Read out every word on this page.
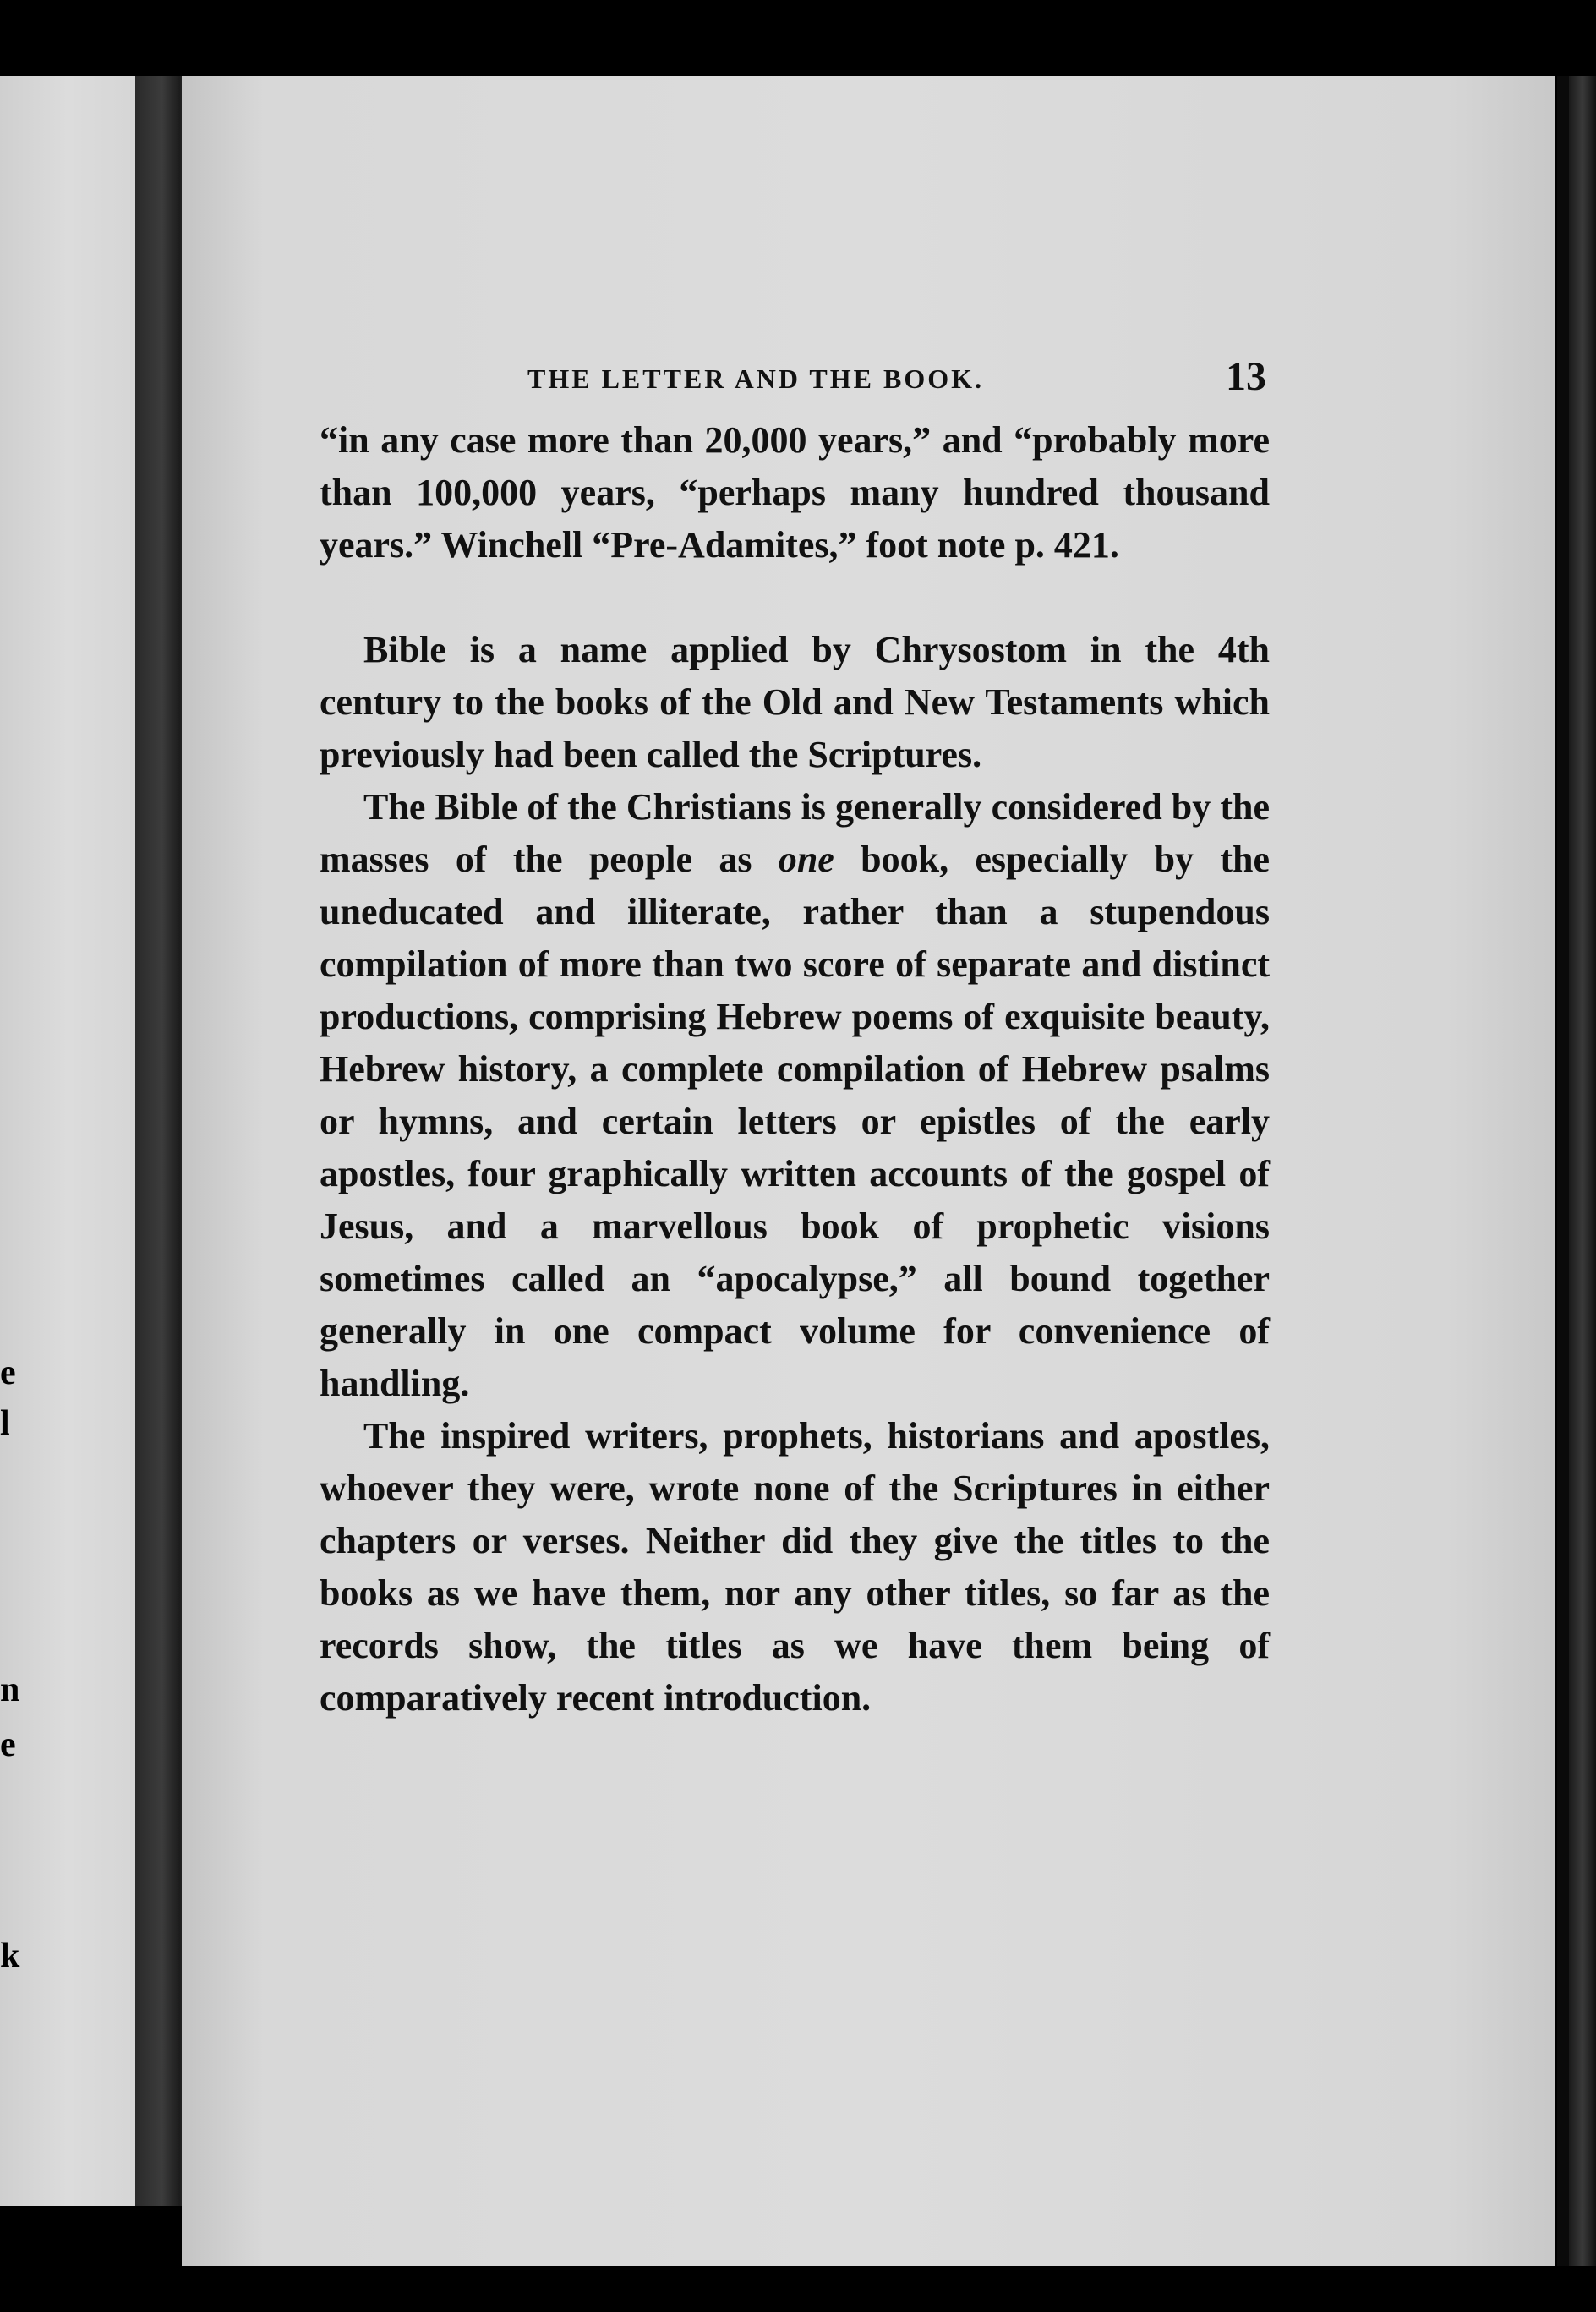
e
l
n
e
k
THE LETTER AND THE BOOK.	13

“in any case more than 20,000 years,” and “probably more than 100,000 years, “perhaps many hundred thousand years.” Winchell “Pre-Adamites,” foot note p. 421.

Bible is a name applied by Chrysostom in the 4th century to the books of the Old and New Testaments which previously had been called the Scriptures.

The Bible of the Christians is generally considered by the masses of the people as one book, especially by the uneducated and illiterate, rather than a stupendous compilation of more than two score of separate and distinct productions, comprising Hebrew poems of exquisite beauty, Hebrew history, a complete compilation of Hebrew psalms or hymns, and certain letters or epistles of the early apostles, four graphically written accounts of the gospel of Jesus, and a marvellous book of prophetic visions sometimes called an “apocalypse,” all bound together generally in one compact volume for convenience of handling.

The inspired writers, prophets, historians and apostles, whoever they were, wrote none of the Scriptures in either chapters or verses. Neither did they give the titles to the books as we have them, nor any other titles, so far as the records show, the titles as we have them being of comparatively recent introduction.
